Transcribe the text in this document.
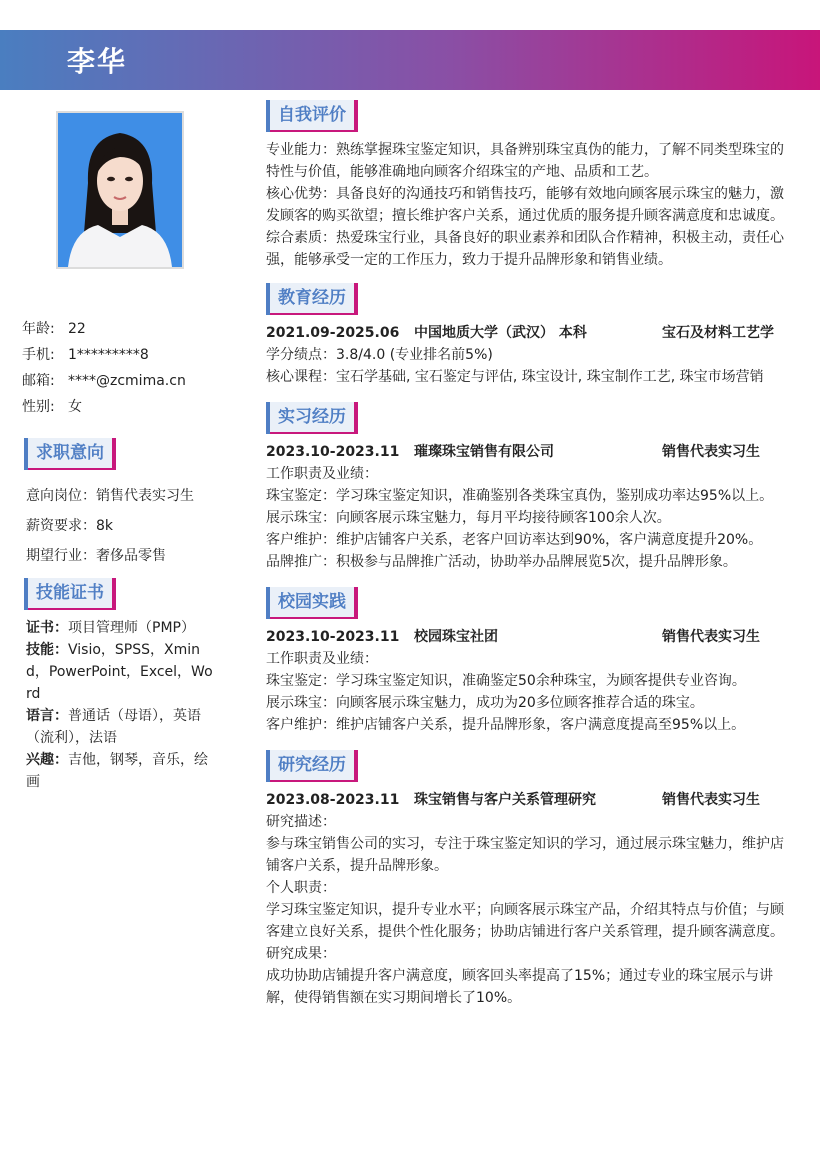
李华
年龄: 22
手机: 1*********8
邮箱: ****@zcmima.cn
性别: 女
求职意向
意向岗位：销售代表实习生
薪资要求：8k
期望行业：奢侈品零售
技能证书
证书：项目管理师（PMP）
技能：Visio，SPSS，Xmind，PowerPoint，Excel，Word
语言：普通话（母语），英语（流利），法语
兴趣：吉他，钢琴，音乐，绘画
自我评价

专业能力：熟练掌握珠宝鉴定知识，具备辨别珠宝真伪的能力，了解不同类型珠宝的特性与价值，能够准确地向顾客介绍珠宝的产地、品质和工艺。

核心优势：具备良好的沟通技巧和销售技巧，能够有效地向顾客展示珠宝的魅力，激发顾客的购买欲望；擅长维护客户关系，通过优质的服务提升顾客满意度和忠诚度。

综合素质：热爱珠宝行业，具备良好的职业素养和团队合作精神，积极主动，责任心强，能够承受一定的工作压力，致力于提升品牌形象和销售业绩。

教育经历
2021.09-2025.06	中国地质大学（武汉） 本科	宝石及材料工艺学
学分绩点：3.8/4.0 (专业排名前5%)
核心课程：宝石学基础, 宝石鉴定与评估, 珠宝设计, 珠宝制作工艺, 珠宝市场营销
实习经历
2023.10-2023.11	璀璨珠宝销售有限公司	销售代表实习生
工作职责及业绩：
珠宝鉴定：学习珠宝鉴定知识，准确鉴别各类珠宝真伪，鉴别成功率达95%以上。
展示珠宝：向顾客展示珠宝魅力，每月平均接待顾客100余人次。
客户维护：维护店铺客户关系，老客户回访率达到90%，客户满意度提升20%。
品牌推广：积极参与品牌推广活动，协助举办品牌展览5次，提升品牌形象。
校园实践
2023.10-2023.11	校园珠宝社团	销售代表实习生
工作职责及业绩：
珠宝鉴定：学习珠宝鉴定知识，准确鉴定50余种珠宝，为顾客提供专业咨询。
展示珠宝：向顾客展示珠宝魅力，成功为20多位顾客推荐合适的珠宝。
客户维护：维护店铺客户关系，提升品牌形象，客户满意度提高至95%以上。
研究经历
2023.08-2023.11	珠宝销售与客户关系管理研究	销售代表实习生
研究描述：
参与珠宝销售公司的实习，专注于珠宝鉴定知识的学习，通过展示珠宝魅力，维护店铺客户关系，提升品牌形象。
个人职责：
学习珠宝鉴定知识，提升专业水平；向顾客展示珠宝产品，介绍其特点与价值；与顾客建立良好关系，提供个性化服务；协助店铺进行客户关系管理，提升顾客满意度。
研究成果：
成功协助店铺提升客户满意度，顾客回头率提高了15%；通过专业的珠宝展示与讲解，使得销售额在实习期间增长了10%。
